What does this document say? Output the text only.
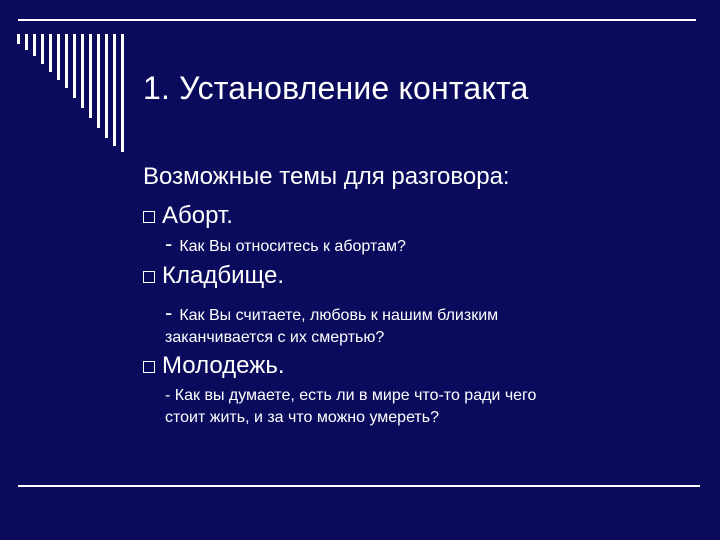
1. Установление контакта
Возможные темы для разговора:
Аборт.
- Как Вы относитесь к абортам?
Кладбище.
- Как Вы считаете, любовь к нашим близким
заканчивается с их смертью?
Молодежь.
- Как вы думаете, есть ли в мире что-то ради чего
стоит жить, и за что можно умереть?
